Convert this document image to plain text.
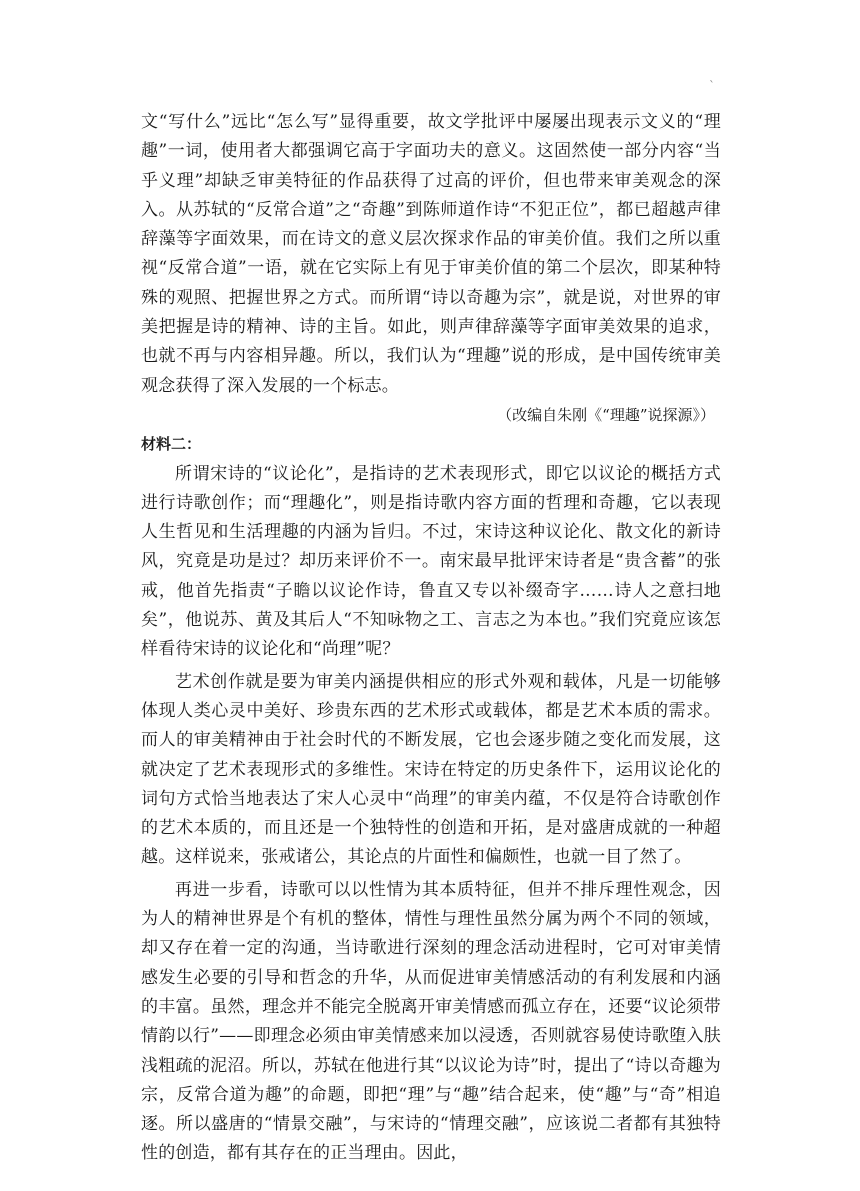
`

文“写什么”远比“怎么写”显得重要，故文学批评中屡屡出现表示文义的“理趣”一词，使用者大都强调它高于字面功夫的意义。这固然使一部分内容“当乎义理”却缺乏审美特征的作品获得了过高的评价，但也带来审美观念的深入。从苏轼的“反常合道”之“奇趣”到陈师道作诗“不犯正位”，都已超越声律辞藻等字面效果，而在诗文的意义层次探求作品的审美价值。我们之所以重视“反常合道”一语，就在它实际上有见于审美价值的第二个层次，即某种特殊的观照、把握世界之方式。而所谓“诗以奇趣为宗”，就是说，对世界的审美把握是诗的精神、诗的主旨。如此，则声律辞藻等字面审美效果的追求，也就不再与内容相异趣。所以，我们认为“理趣”说的形成，是中国传统审美观念获得了深入发展的一个标志。

（改编自朱刚《“理趣”说探源》）

材料二：

所谓宋诗的“议论化”，是指诗的艺术表现形式，即它以议论的概括方式进行诗歌创作；而“理趣化”，则是指诗歌内容方面的哲理和奇趣，它以表现人生哲见和生活理趣的内涵为旨归。不过，宋诗这种议论化、散文化的新诗风，究竟是功是过？却历来评价不一。南宋最早批评宋诗者是“贵含蓄”的张戒，他首先指责“子瞻以议论作诗，鲁直又专以补缀奇字……诗人之意扫地矣”，他说苏、黄及其后人“不知咏物之工、言志之为本也。”我们究竟应该怎样看待宋诗的议论化和“尚理”呢？

艺术创作就是要为审美内涵提供相应的形式外观和载体，凡是一切能够体现人类心灵中美好、珍贵东西的艺术形式或载体，都是艺术本质的需求。而人的审美精神由于社会时代的不断发展，它也会逐步随之变化而发展，这就决定了艺术表现形式的多维性。宋诗在特定的历史条件下，运用议论化的词句方式恰当地表达了宋人心灵中“尚理”的审美内蕴，不仅是符合诗歌创作的艺术本质的，而且还是一个独特性的创造和开拓，是对盛唐成就的一种超越。这样说来，张戒诸公，其论点的片面性和偏颇性，也就一目了然了。

再进一步看，诗歌可以以性情为其本质特征，但并不排斥理性观念，因为人的精神世界是个有机的整体，情性与理性虽然分属为两个不同的领域，却又存在着一定的沟通，当诗歌进行深刻的理念活动进程时，它可对审美情感发生必要的引导和哲念的升华，从而促进审美情感活动的有利发展和内涵的丰富。虽然，理念并不能完全脱离开审美情感而孤立存在，还要“议论须带情韵以行”——即理念必须由审美情感来加以浸透，否则就容易使诗歌堕入肤浅粗疏的泥沼。所以，苏轼在他进行其“以议论为诗”时，提出了“诗以奇趣为宗，反常合道为趣”的命题，即把“理”与“趣”结合起来，使“趣”与“奇”相追逐。所以盛唐的“情景交融”，与宋诗的“情理交融”，应该说二者都有其独特性的创造，都有其存在的正当理由。因此，
